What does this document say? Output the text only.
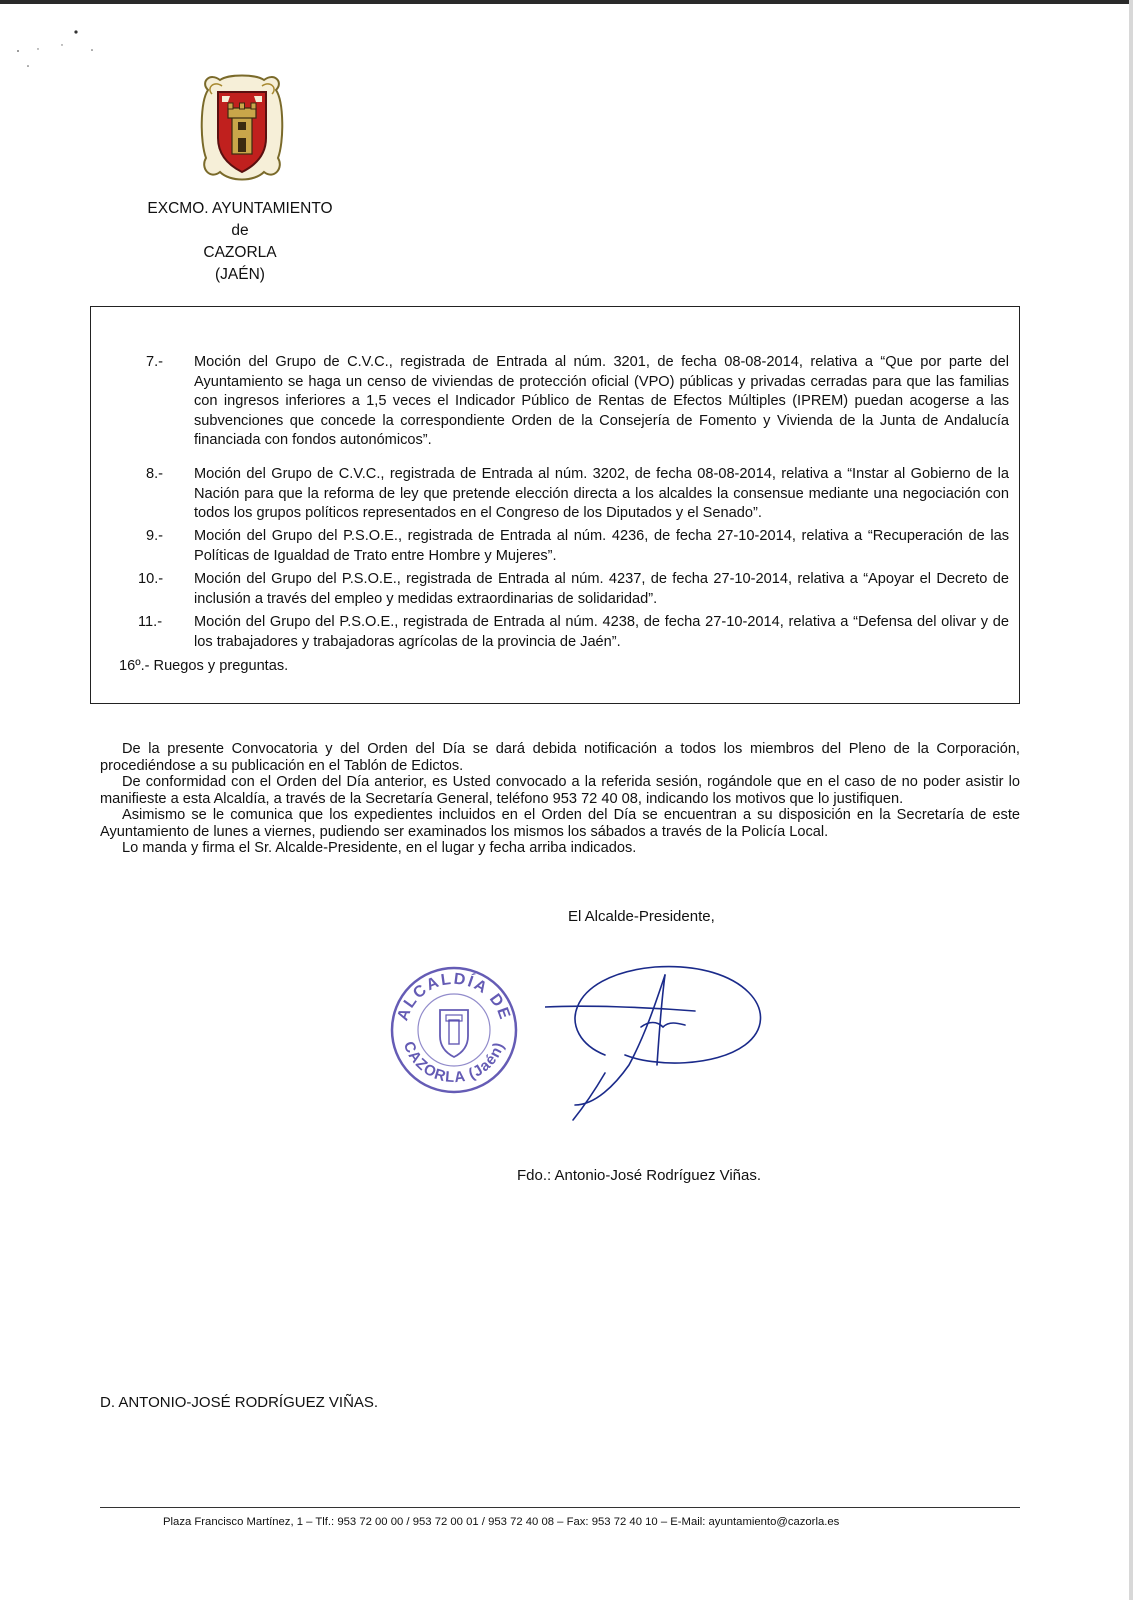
EXCMO. AYUNTAMIENTO
de
CAZORLA
(JAÉN)
7.- Moción del Grupo de C.V.C., registrada de Entrada al núm. 3201, de fecha 08-08-2014, relativa a “Que por parte del Ayuntamiento se haga un censo de viviendas de protección oficial (VPO) públicas y privadas cerradas para que las familias con ingresos inferiores a 1,5 veces el Indicador Público de Rentas de Efectos Múltiples (IPREM) puedan acogerse a las subvenciones que concede la correspondiente Orden de la Consejería de Fomento y Vivienda de la Junta de Andalucía financiada con fondos autonómicos”.
8.- Moción del Grupo de C.V.C., registrada de Entrada al núm. 3202, de fecha 08-08-2014, relativa a “Instar al Gobierno de la Nación para que la reforma de ley que pretende elección directa a los alcaldes la consensue mediante una negociación con todos los grupos políticos representados en el Congreso de los Diputados y el Senado”.
9.- Moción del Grupo del P.S.O.E., registrada de Entrada al núm. 4236, de fecha 27-10-2014, relativa a “Recuperación de las Políticas de Igualdad de Trato entre Hombre y Mujeres”.
10.- Moción del Grupo del P.S.O.E., registrada de Entrada al núm. 4237, de fecha 27-10-2014, relativa a “Apoyar el Decreto de inclusión a través del empleo y medidas extraordinarias de solidaridad”.
11.- Moción del Grupo del P.S.O.E., registrada de Entrada al núm. 4238, de fecha 27-10-2014, relativa a “Defensa del olivar y de los trabajadores y trabajadoras agrícolas de la provincia de Jaén”.
16º.- Ruegos y preguntas.

De la presente Convocatoria y del Orden del Día se dará debida notificación a todos los miembros del Pleno de la Corporación, procediéndose a su publicación en el Tablón de Edictos.

De conformidad con el Orden del Día anterior, es Usted convocado a la referida sesión, rogándole que en el caso de no poder asistir lo manifieste a esta Alcaldía, a través de la Secretaría General, teléfono 953 72 40 08, indicando los motivos que lo justifiquen.

Asimismo se le comunica que los expedientes incluidos en el Orden del Día se encuentran a su disposición en la Secretaría de este Ayuntamiento de lunes a viernes, pudiendo ser examinados los mismos los sábados a través de la Policía Local.

Lo manda y firma el Sr. Alcalde-Presidente, en el lugar y fecha arriba indicados.

El Alcalde-Presidente,
ALCALDÍA DE
CAZORLA (Jaén)
Fdo.: Antonio-José Rodríguez Viñas.
D. ANTONIO-JOSÉ RODRÍGUEZ VIÑAS.
Plaza Francisco Martínez, 1 – Tlf.: 953 72 00 00 / 953 72 00 01 / 953 72 40 08 – Fax: 953 72 40 10 – E-Mail: ayuntamiento@cazorla.es
